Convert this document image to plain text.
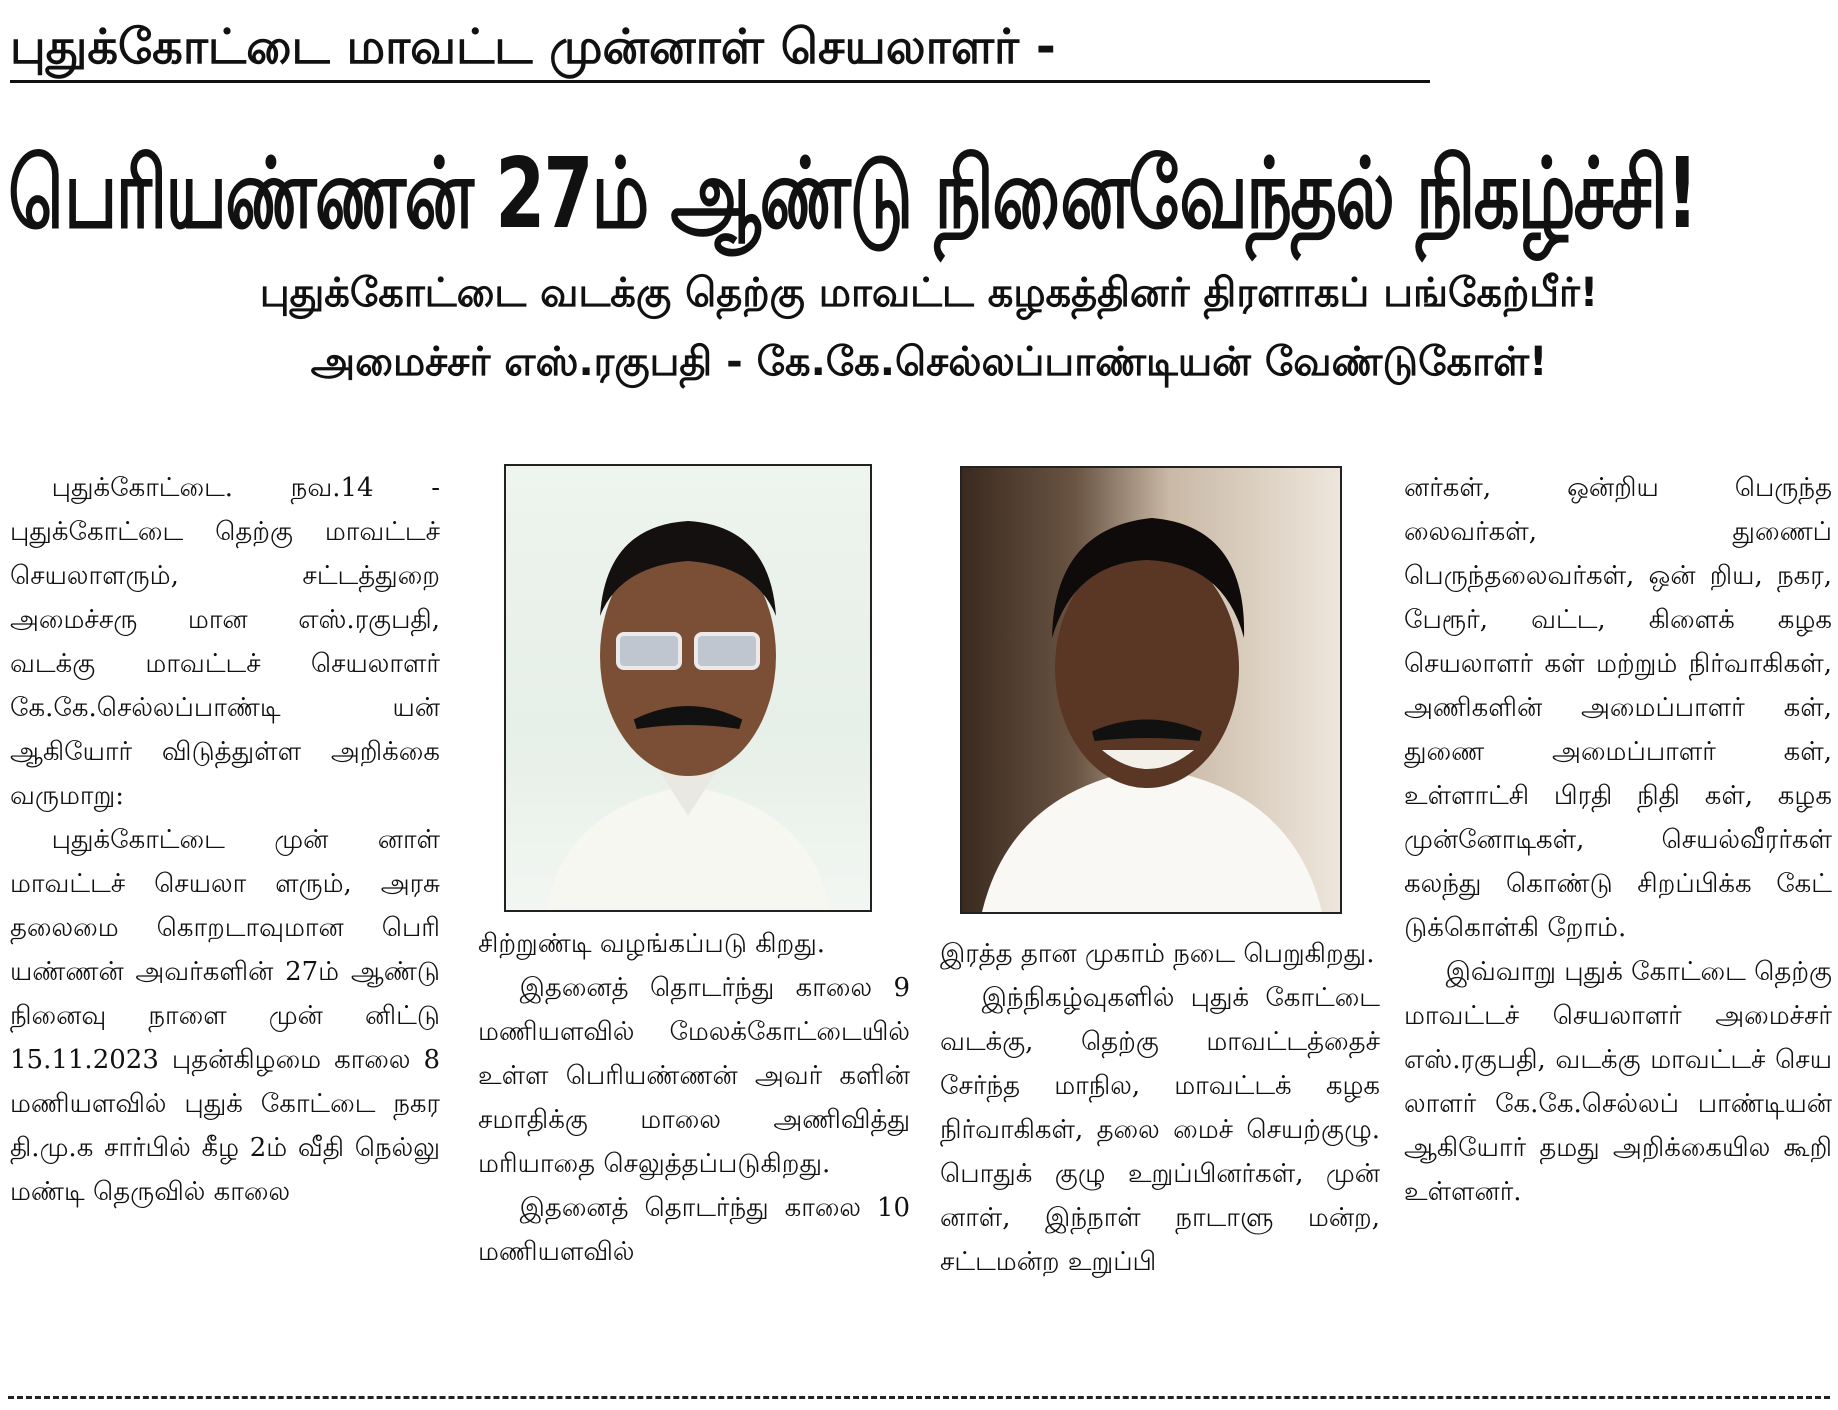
புதுக்கோட்டை மாவட்ட முன்னாள் செயலாளர் -
பெரியண்ணன் 27ம் ஆண்டு நினைவேந்தல் நிகழ்ச்சி!
புதுக்கோட்டை வடக்கு தெற்கு மாவட்ட கழகத்தினர் திரளாகப் பங்கேற்பீர்!
அமைச்சர் எஸ்.ரகுபதி - கே.கே.செல்லப்பாண்டியன் வேண்டுகோள்!

புதுக்கோட்டை. நவ.14 - புதுக்கோட்டை தெற்கு மாவட்டச் செயலாளரும், சட்டத்துறை அமைச்சரு மான எஸ்.ரகுபதி, வடக்கு மாவட்டச் செயலாளர் கே.கே.செல்லப்பாண்டி யன் ஆகியோர் விடுத்துள்ள அறிக்கை வருமாறு:

புதுக்கோட்டை முன் னாள் மாவட்டச் செயலா ளரும், அரசு தலைமை கொறடாவுமான பெரி யண்ணன் அவர்களின் 27ம் ஆண்டு நினைவு நாளை முன் னிட்டு 15.11.2023 புதன்கிழமை காலை 8 மணியளவில் புதுக் கோட்டை நகர தி.மு.க சார்பில் கீழ 2ம் வீதி நெல்லு மண்டி தெருவில் காலை

சிற்றுண்டி வழங்கப்படு கிறது.

இதனைத் தொடர்ந்து காலை 9 மணியளவில் மேலக்கோட்டையில் உள்ள பெரியண்ணன் அவர் களின் சமாதிக்கு மாலை அணிவித்து மரியாதை செலுத்தப்படுகிறது.

இதனைத் தொடர்ந்து காலை 10 மணியளவில்

இரத்த தான முகாம் நடை பெறுகிறது.

இந்நிகழ்வுகளில் புதுக் கோட்டை வடக்கு, தெற்கு மாவட்டத்தைச் சேர்ந்த மாநில, மாவட்டக் கழக நிர்வாகிகள், தலை மைச் செயற்குழு. பொதுக் குழு உறுப்பினர்கள், முன் னாள், இந்நாள் நாடாளு மன்ற, சட்டமன்ற உறுப்பி

னர்கள், ஒன்றிய பெருந்த லைவர்கள், துணைப் பெருந்தலைவர்கள், ஒன் றிய, நகர, பேரூர், வட்ட, கிளைக் கழக செயலாளர் கள் மற்றும் நிர்வாகிகள், அணிகளின் அமைப்பாளர் கள், துணை அமைப்பாளர் கள், உள்ளாட்சி பிரதி நிதி கள், கழக முன்னோடிகள், செயல்வீரர்கள் கலந்து கொண்டு சிறப்பிக்க கேட் டுக்கொள்கி றோம்.

இவ்வாறு புதுக் கோட்டை தெற்கு மாவட்டச் செயலாளர் அமைச்சர் எஸ்.ரகுபதி, வடக்கு மாவட்டச் செய லாளர் கே.கே.செல்லப் பாண்டியன் ஆகியோர் தமது அறிக்கையில கூறி உள்ளனர்.
